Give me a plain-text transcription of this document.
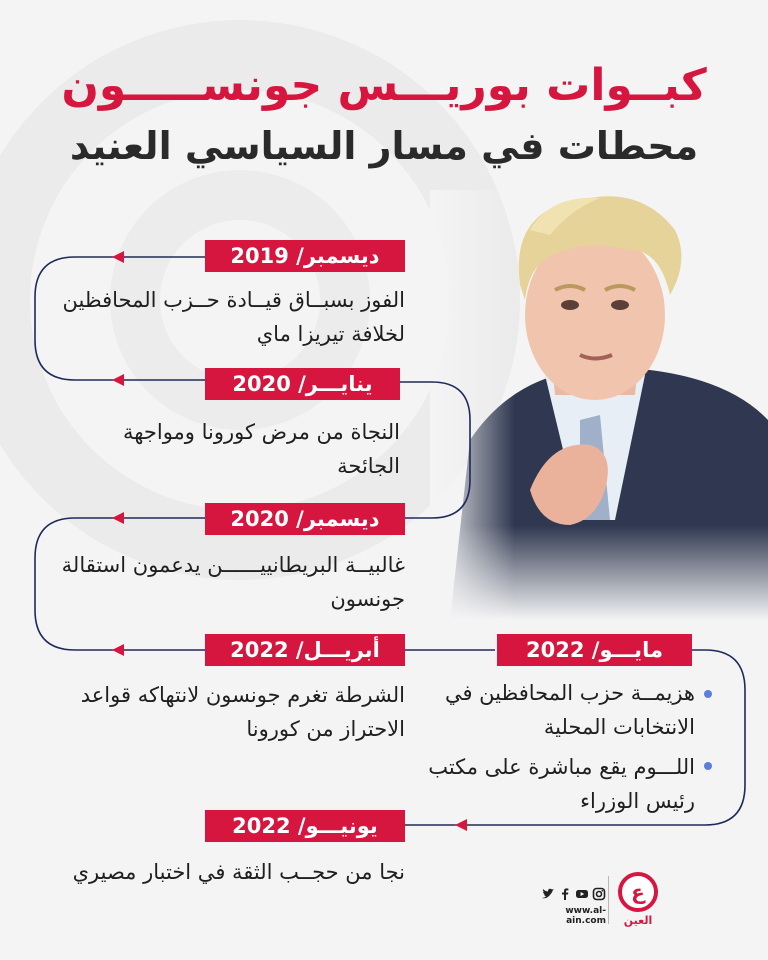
كبــوات بوريـــس جونســـــون
محطات في مسار السياسي العنيد
ديسمبر/ 2019
الفوز بسبــاق قيــادة حــزب المحافظين لخلافة تيريزا ماي
ينايـــر/ 2020
النجاة من مرض كورونا ومواجهة الجائحة
ديسمبر/ 2020
غالبيــة البريطانييــــــن يدعمون استقالة جونسون
أبريـــل/ 2022
الشرطة تغرم جونسون لانتهاكه قواعد الاحتراز من كورونا
مايـــو/ 2022
هزيمــة حزب المحافظين في الانتخابات المحلية
اللـــوم يقع مباشرة على مكتب رئيس الوزراء
يونيـــو/ 2022
نجا من حجــب الثقة في اختبار مصيري
www.al-ain.com
ع
العين
